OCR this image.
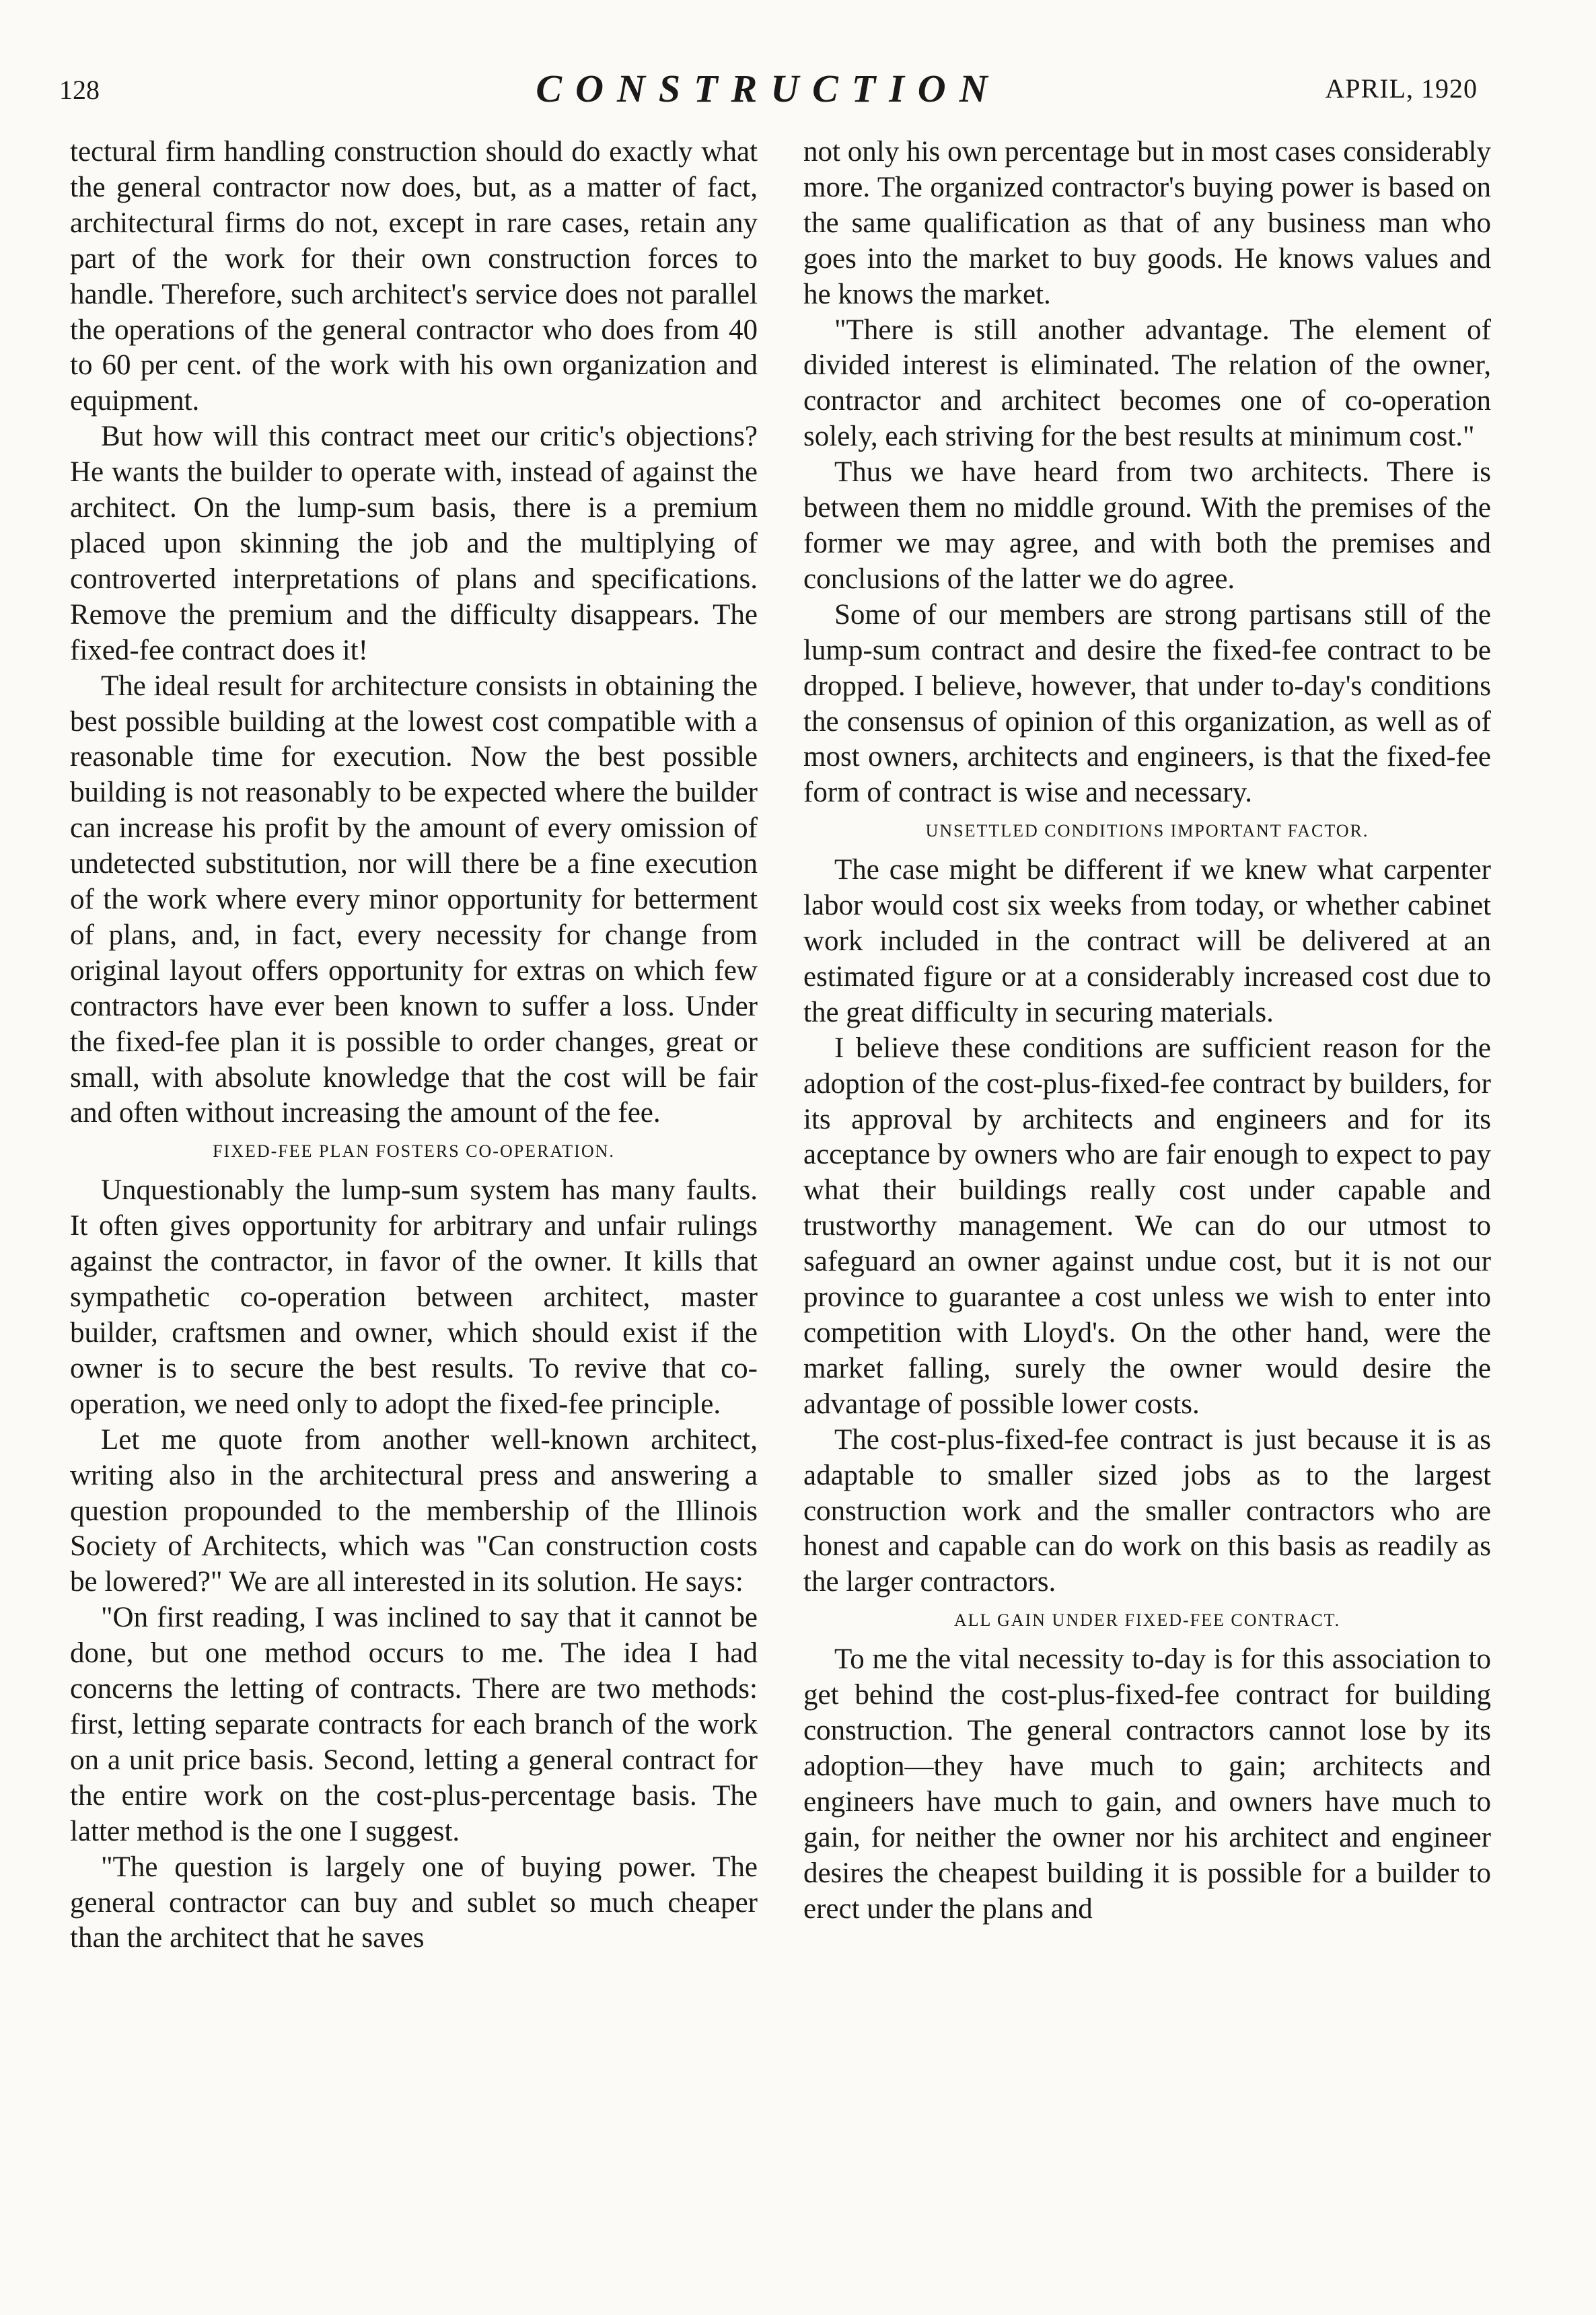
128	CONSTRUCTION	APRIL, 1920

tectural firm handling construction should do exactly what the general contractor now does, but, as a matter of fact, architectural firms do not, except in rare cases, retain any part of the work for their own construction forces to handle. Therefore, such architect's service does not parallel the operations of the general contractor who does from 40 to 60 per cent. of the work with his own organization and equipment.

But how will this contract meet our critic's objections? He wants the builder to operate with, instead of against the architect. On the lump-sum basis, there is a premium placed upon skinning the job and the multiplying of controverted interpretations of plans and specifications. Remove the premium and the difficulty disappears. The fixed-fee contract does it!

The ideal result for architecture consists in obtaining the best possible building at the lowest cost compatible with a reasonable time for execution. Now the best possible building is not reasonably to be expected where the builder can increase his profit by the amount of every omission of undetected substitution, nor will there be a fine execution of the work where every minor opportunity for betterment of plans, and, in fact, every necessity for change from original layout offers opportunity for extras on which few contractors have ever been known to suffer a loss. Under the fixed-fee plan it is possible to order changes, great or small, with absolute knowledge that the cost will be fair and often without increasing the amount of the fee.

FIXED-FEE PLAN FOSTERS CO-OPERATION.

Unquestionably the lump-sum system has many faults. It often gives opportunity for arbitrary and unfair rulings against the contractor, in favor of the owner. It kills that sympathetic co-operation between architect, master builder, craftsmen and owner, which should exist if the owner is to secure the best results. To revive that co-operation, we need only to adopt the fixed-fee principle.

Let me quote from another well-known architect, writing also in the architectural press and answering a question propounded to the membership of the Illinois Society of Architects, which was "Can construction costs be lowered?" We are all interested in its solution. He says:

"On first reading, I was inclined to say that it cannot be done, but one method occurs to me. The idea I had concerns the letting of contracts. There are two methods: first, letting separate contracts for each branch of the work on a unit price basis. Second, letting a general contract for the entire work on the cost-plus-percentage basis. The latter method is the one I suggest.

"The question is largely one of buying power. The general contractor can buy and sublet so much cheaper than the architect that he saves

not only his own percentage but in most cases considerably more. The organized contractor's buying power is based on the same qualification as that of any business man who goes into the market to buy goods. He knows values and he knows the market.

"There is still another advantage. The element of divided interest is eliminated. The relation of the owner, contractor and architect becomes one of co-operation solely, each striving for the best results at minimum cost."

Thus we have heard from two architects. There is between them no middle ground. With the premises of the former we may agree, and with both the premises and conclusions of the latter we do agree.

Some of our members are strong partisans still of the lump-sum contract and desire the fixed-fee contract to be dropped. I believe, however, that under to-day's conditions the consensus of opinion of this organization, as well as of most owners, architects and engineers, is that the fixed-fee form of contract is wise and necessary.

UNSETTLED CONDITIONS IMPORTANT FACTOR.

The case might be different if we knew what carpenter labor would cost six weeks from today, or whether cabinet work included in the contract will be delivered at an estimated figure or at a considerably increased cost due to the great difficulty in securing materials.

I believe these conditions are sufficient reason for the adoption of the cost-plus-fixed-fee contract by builders, for its approval by architects and engineers and for its acceptance by owners who are fair enough to expect to pay what their buildings really cost under capable and trustworthy management. We can do our utmost to safeguard an owner against undue cost, but it is not our province to guarantee a cost unless we wish to enter into competition with Lloyd's. On the other hand, were the market falling, surely the owner would desire the advantage of possible lower costs.

The cost-plus-fixed-fee contract is just because it is as adaptable to smaller sized jobs as to the largest construction work and the smaller contractors who are honest and capable can do work on this basis as readily as the larger contractors.

ALL GAIN UNDER FIXED-FEE CONTRACT.

To me the vital necessity to-day is for this association to get behind the cost-plus-fixed-fee contract for building construction. The general contractors cannot lose by its adoption—they have much to gain; architects and engineers have much to gain, and owners have much to gain, for neither the owner nor his architect and engineer desires the cheapest building it is possible for a builder to erect under the plans and
